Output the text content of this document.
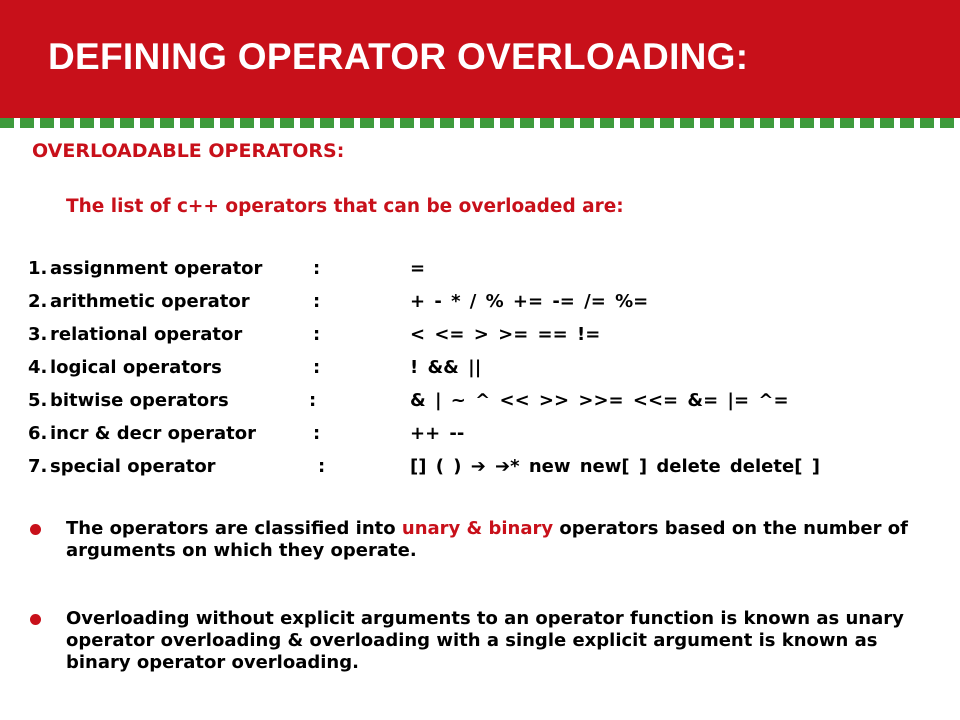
DEFINING OPERATOR OVERLOADING:
OVERLOADABLE OPERATORS:
The list of c++ operators that can be overloaded are:
1. assignment operator	:	=
2. arithmetic operator	:	+ - * / % += -= /= %=
3. relational operator	:	< <= > >= == !=
4. logical operators	:	! && ||
5. bitwise operators	:	& | ~ ^ << >> >>= <<= &= |= ^=
6. incr & decr operator	:	++ --
7. special operator	:	[] ( ) ➔ ➔* new new[ ] delete delete[ ]
The operators are classified into unary & binary operators based on the number of arguments on which they operate.
Overloading without explicit arguments to an operator function is known as unary operator overloading & overloading with a single explicit argument is known as binary operator overloading.
